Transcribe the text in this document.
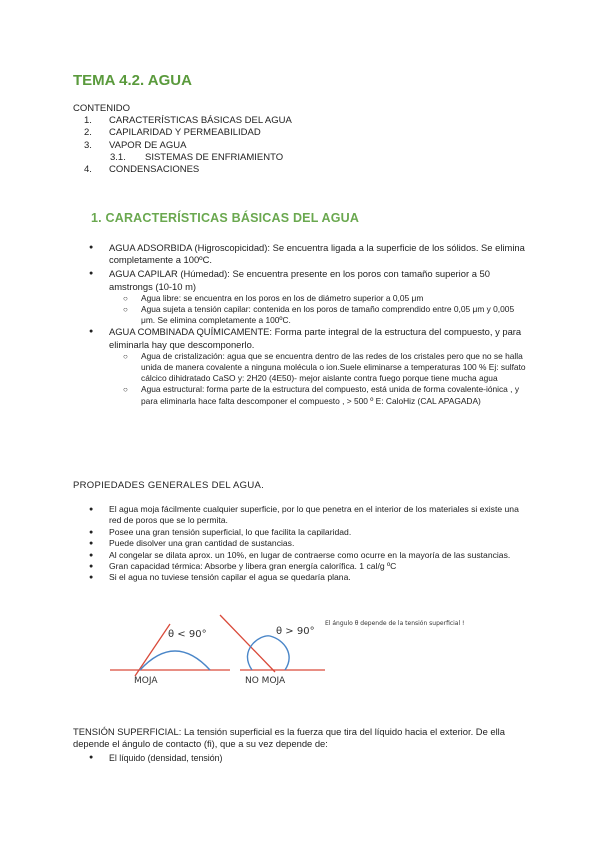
TEMA 4.2. AGUA
CONTENIDO
1.	CARACTERÍSTICAS BÁSICAS DEL AGUA
2.	CAPILARIDAD Y PERMEABILIDAD
3.	VAPOR DE AGUA
3.1.	SISTEMAS DE ENFRIAMIENTO
4.	CONDENSACIONES
1. CARACTERÍSTICAS BÁSICAS DEL AGUA
● AGUA ADSORBIDA (Higroscopicidad): Se encuentra ligada a la superficie de los sólidos. Se elimina completamente a 100ºC.
● AGUA CAPILAR (Húmedad): Se encuentra presente en los poros con tamaño superior a 50 amstrongs (10-10 m)
○ Agua libre: se encuentra en los poros en los de diámetro superior a 0,05 μm
○ Agua sujeta a tensión capilar: contenida en los poros de tamaño comprendido entre 0,05 μm y 0,005 μm. Se elimina completamente a 100ºC.
● AGUA COMBINADA QUÍMICAMENTE: Forma parte integral de la estructura del compuesto, y para eliminarla hay que descomponerlo.
○ Agua de cristalización: agua que se encuentra dentro de las redes de los cristales pero que no se halla unida de manera covalente a ninguna molécula o ion.Suele eliminarse a temperaturas 100 % Ej: sulfato cálcico dihidratado CaSO y: 2H20 (4E50)- mejor aislante contra fuego porque tiene mucha agua
○ Agua estructural: forma parte de la estructura del compuesto, está unida de forma covalente-iónica , y para eliminarla hace falta descomponer el compuesto , > 500 º E: CaloHiz (CAL APAGADA)
PROPIEDADES GENERALES DEL AGUA.
● El agua moja fácilmente cualquier superficie, por lo que penetra en el interior de los materiales si existe una red de poros que se lo permita.
● Posee una gran tensión superficial, lo que facilita la capilaridad.
● Puede disolver una gran cantidad de sustancias.
● Al congelar se dilata aprox. un 10%, en lugar de contraerse como ocurre en la mayoría de las sustancias.
● Gran capacidad térmica: Absorbe y libera gran energía calorífica. 1 cal/g ºC
● Si el agua no tuviese tensión capilar el agua se quedaría plana.
θ < 90°
MOJA
θ > 90°
NO MOJA
El ángulo θ depende de la tensión superficial !
TENSIÓN SUPERFICIAL: La tensión superficial es la fuerza que tira del líquido hacia el exterior. De ella depende el ángulo de contacto (fi), que a su vez depende de:
● El líquido (densidad, tensión)
